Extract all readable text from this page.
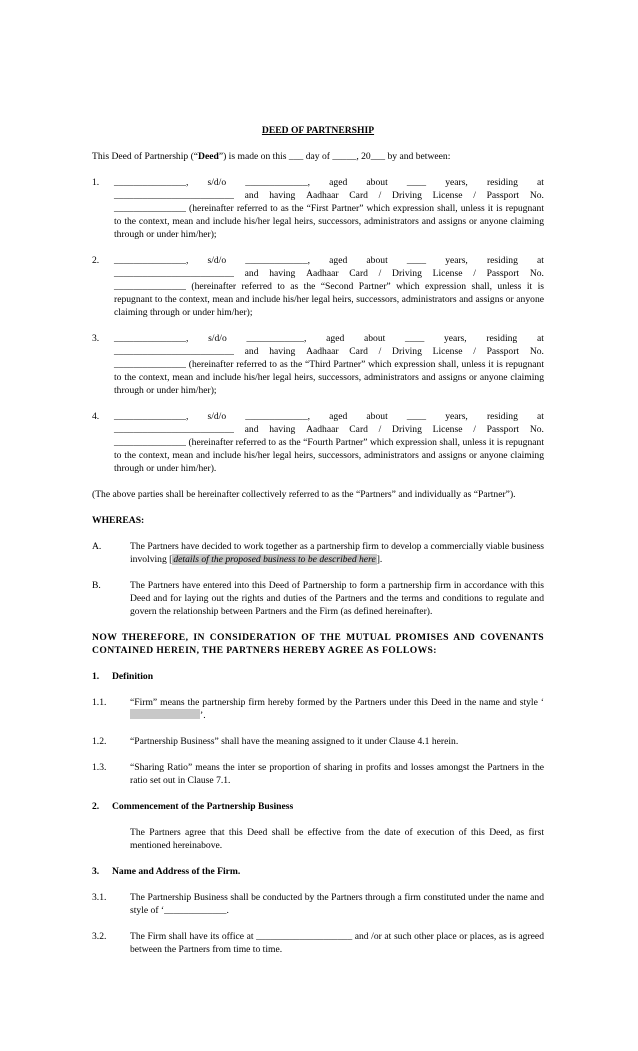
DEED OF PARTNERSHIP

This Deed of Partnership (“Deed”) is made on this ___ day of _____, 20___ by and between:

1.	_______________, s/d/o _____________, aged about ____ years, residing at
_________________________ and having Aadhaar Card / Driving License / Passport No.
_______________ (hereinafter referred to as the “First Partner” which expression shall, unless it is repugnant to the context, mean and include his/her legal heirs, successors, administrators and assigns or anyone claiming through or under him/her);
2.	_______________, s/d/o _____________, aged about ____ years, residing at
_________________________ and having Aadhaar Card / Driving License / Passport No.
_______________ (hereinafter referred to as the “Second Partner” which expression shall, unless it is repugnant to the context, mean and include his/her legal heirs, successors, administrators and assigns or anyone claiming through or under him/her);
3.	_______________, s/d/o ____________, aged about ____ years, residing at
_________________________ and having Aadhaar Card / Driving License / Passport No.
_______________ (hereinafter referred to as the “Third Partner” which expression shall, unless it is repugnant to the context, mean and include his/her legal heirs, successors, administrators and assigns or anyone claiming through or under him/her);
4.	_______________, s/d/o _____________, aged about ____ years, residing at
_________________________ and having Aadhaar Card / Driving License / Passport No.
_______________ (hereinafter referred to as the “Fourth Partner” which expression shall, unless it is repugnant to the context, mean and include his/her legal heirs, successors, administrators and assigns or anyone claiming through or under him/her).

(The above parties shall be hereinafter collectively referred to as the “Partners” and individually as “Partner”).

WHEREAS:

A.	The Partners have decided to work together as a partnership firm to develop a commercially viable business involving [details of the proposed business to be described here].
B.	The Partners have entered into this Deed of Partnership to form a partnership firm in accordance with this Deed and for laying out the rights and duties of the Partners and the terms and conditions to regulate and govern the relationship between Partners and the Firm (as defined hereinafter).

NOW THEREFORE, IN CONSIDERATION OF THE MUTUAL PROMISES AND COVENANTS CONTAINED HEREIN, THE PARTNERS HEREBY AGREE AS FOLLOWS:

1.	Definition
1.1.	“Firm” means the partnership firm hereby formed by the Partners under this Deed in the name and style ‘’.
1.2.	“Partnership Business” shall have the meaning assigned to it under Clause 4.1 herein.
1.3.	“Sharing Ratio” means the inter se proportion of sharing in profits and losses amongst the Partners in the ratio set out in Clause 7.1.
2.	Commencement of the Partnership Business

The Partners agree that this Deed shall be effective from the date of execution of this Deed, as first mentioned hereinabove.

3.	Name and Address of the Firm.
3.1.	The Partnership Business shall be conducted by the Partners through a firm constituted under the name and style of ‘_____________.
3.2.	The Firm shall have its office at ____________________ and /or at such other place or places, as is agreed between the Partners from time to time.
